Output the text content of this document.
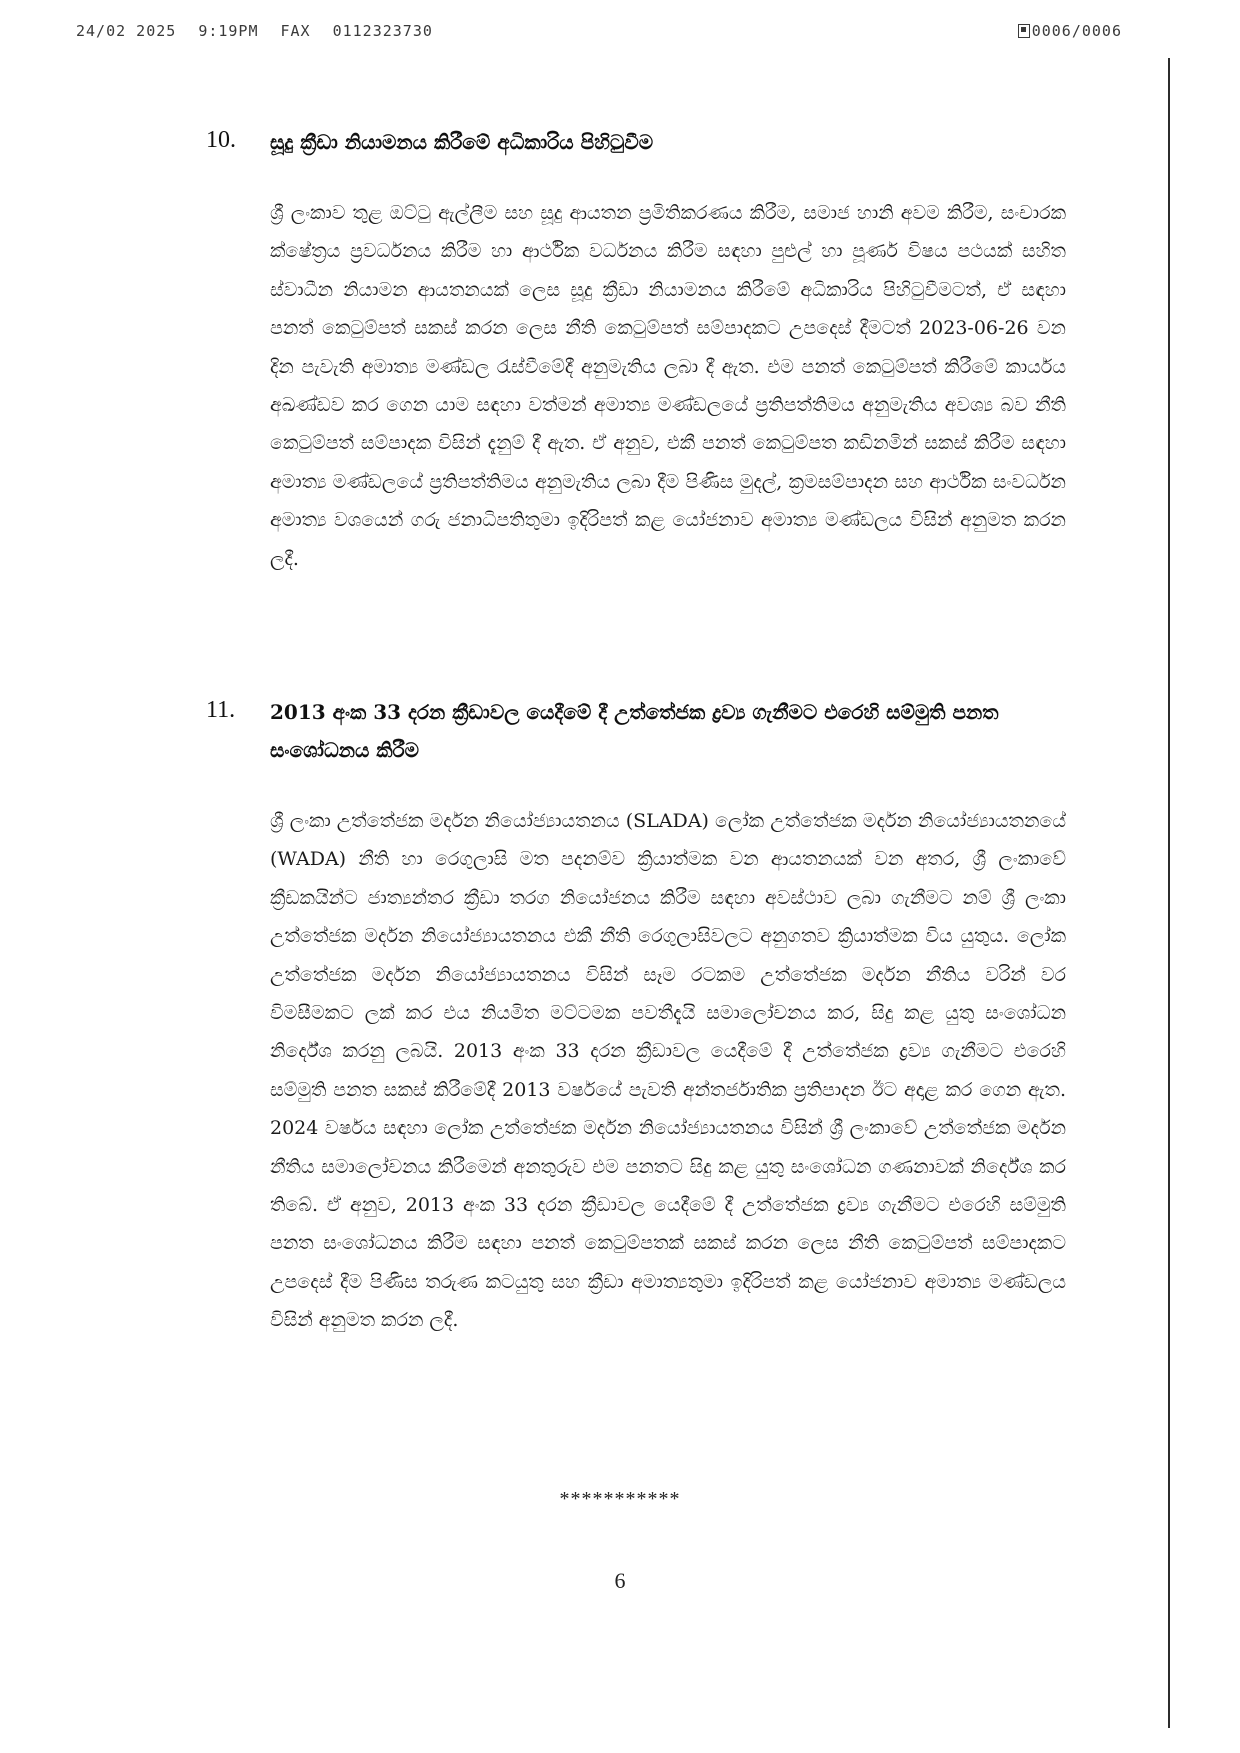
24/02 2025 9:19PM FAX 0112323730	0006/0006
10. සූදු ක්‍රීඩා නියාමනය කිරීමේ අධිකාරිය පිහිටුවීම
ශ්‍රී ලංකාව තුළ ඔට්ටු ඇල්ලීම සහ සූදු ආයතන ප්‍රමිතිකරණය කිරීම, සමාජ හානි අවම කිරීම, සංචාරක ක්ෂේත්‍රය ප්‍රවර්ධනය කිරීම හා ආර්ථික වර්ධනය කිරීම සඳහා පුළුල් හා පූර්ණ විෂය පථයක් සහිත ස්වාධීන නියාමන ආයතනයක් ලෙස සූදු ක්‍රීඩා නියාමනය කිරීමේ අධිකාරිය පිහිටුවීමටත්, ඒ සඳහා පනත් කෙටුම්පත් සකස් කරන ලෙස නීති කෙටුම්පත් සම්පාදකට උපදෙස් දීමටත් 2023-06-26 වන දින පැවැති අමාත්‍ය මණ්ඩල රැස්වීමේදී අනුමැතිය ලබා දී ඇත. එම පනත් කෙටුම්පත් කිරීමේ කාර්යය අඛණ්ඩව කර ගෙන යාම සඳහා වත්මන් අමාත්‍ය මණ්ඩලයේ ප්‍රතිපත්තිමය අනුමැතිය අවශ්‍ය බව නීති කෙටුම්පත් සම්පාදක විසින් දැනුම් දී ඇත. ඒ අනුව, එකී පනත් කෙටුම්පත කඩිනමින් සකස් කිරීම සඳහා අමාත්‍ය මණ්ඩලයේ ප්‍රතිපත්තිමය අනුමැතිය ලබා දීම පිණිස මුදල්, ක්‍රමසම්පාදන සහ ආර්ථික සංවර්ධන අමාත්‍ය වශයෙන් ගරු ජනාධිපතිතුමා ඉදිරිපත් කළ යෝජනාව අමාත්‍ය මණ්ඩලය විසින් අනුමත කරන ලදී.
11. 2013 අංක 33 දරන ක්‍රීඩාවල යෙදීමේ දී උත්තේජක ද්‍රව්‍ය ගැනීමට එරෙහි සම්මුති පනත සංශෝධනය කිරීම
ශ්‍රී ලංකා උත්තේජක මර්දන නියෝජ්‍යායතනය (SLADA) ලෝක උත්තේජක මර්දන නියෝජ්‍යායතනයේ (WADA) නීති හා රෙගුලාසි මත පදනම්ව ක්‍රියාත්මක වන ආයතනයක් වන අතර, ශ්‍රී ලංකාවේ ක්‍රීඩකයින්ට ජාත්‍යන්තර ක්‍රීඩා තරග නියෝජනය කිරීම සඳහා අවස්ථාව ලබා ගැනීමට නම් ශ්‍රී ලංකා උත්තේජක මර්දන නියෝජ්‍යායතනය එකී නීති රෙගුලාසිවලට අනුගතව ක්‍රියාත්මක විය යුතුය. ලෝක උත්තේජක මර්දන නියෝජ්‍යායතනය විසින් සෑම රටකම උත්තේජක මර්දන නීතිය වරින් වර විමසීමකට ලක් කර එය නියමිත මට්ටමක පවතීදැයි සමාලෝචනය කර, සිදු කළ යුතු සංශෝධන නිර්දේශ කරනු ලබයි. 2013 අංක 33 දරන ක්‍රීඩාවල යෙදීමේ දී උත්තේජක ද්‍රව්‍ය ගැනීමට එරෙහි සම්මුති පනත සකස් කිරීමේදී 2013 වර්ෂයේ පැවති අන්තර්ජාතික ප්‍රතිපාදන ඊට අදාළ කර ගෙන ඇත. 2024 වර්ෂය සඳහා ලෝක උත්තේජක මර්දන නියෝජ්‍යායතනය විසින් ශ්‍රී ලංකාවේ උත්තේජක මර්දන නීතිය සමාලෝචනය කිරීමෙන් අනතුරුව එම පනතට සිදු කළ යුතු සංශෝධන ගණනාවක් නිර්දේශ කර තිබේ. ඒ අනුව, 2013 අංක 33 දරන ක්‍රීඩාවල යෙදීමේ දී උත්තේජක ද්‍රව්‍ය ගැනීමට එරෙහි සම්මුති පනත සංශෝධනය කිරීම සඳහා පනත් කෙටුම්පතක් සකස් කරන ලෙස නීති කෙටුම්පත් සම්පාදකට උපදෙස් දීම පිණිස තරුණ කටයුතු සහ ක්‍රීඩා අමාත්‍යතුමා ඉදිරිපත් කළ යෝජනාව අමාත්‍ය මණ්ඩලය විසින් අනුමත කරන ලදී.
***********
6
